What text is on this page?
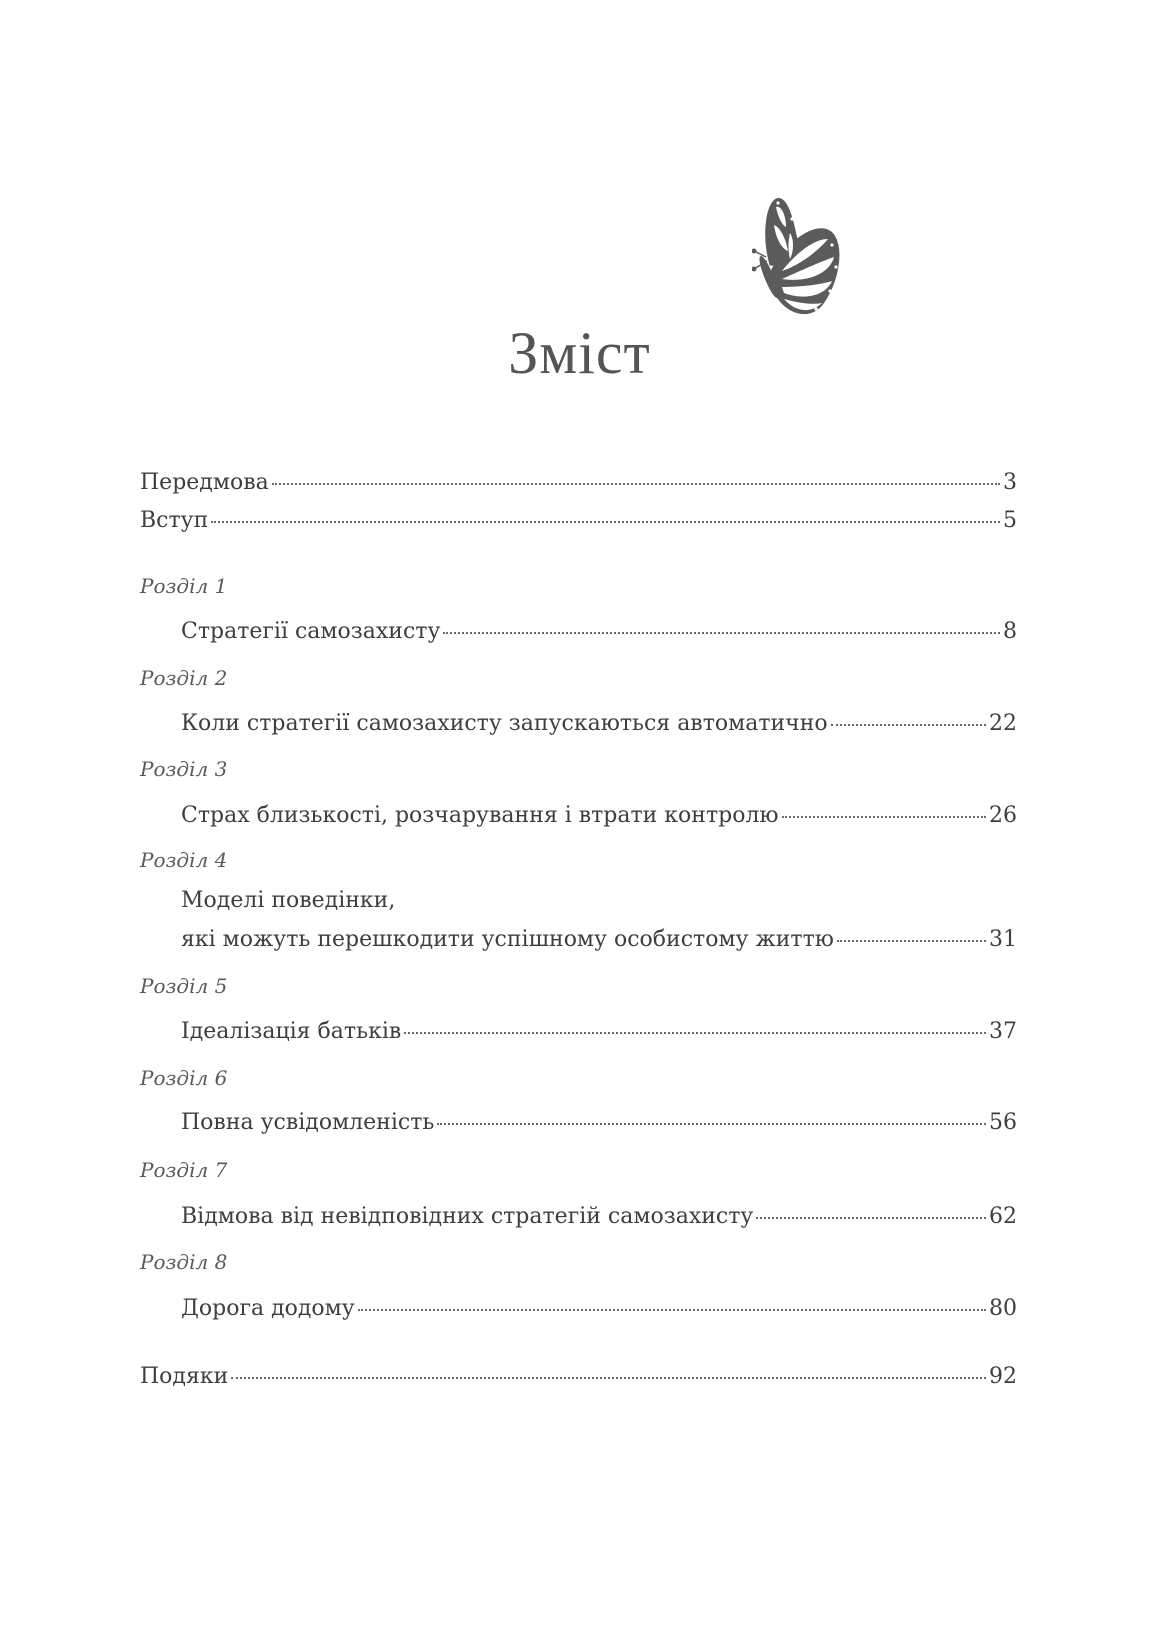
Зміст
Передмова	3
Вступ	5
Розділ 1
Стратегії самозахисту	8
Розділ 2
Коли стратегії самозахисту запускаються автоматично	22
Розділ 3
Страх близькості, розчарування і втрати контролю	26
Розділ 4
Моделі поведінки,
які можуть перешкодити успішному особистому життю	31
Розділ 5
Ідеалізація батьків	37
Розділ 6
Повна усвідомленість	56
Розділ 7
Відмова від невідповідних стратегій самозахисту	62
Розділ 8
Дорога додому	80
Подяки	92
